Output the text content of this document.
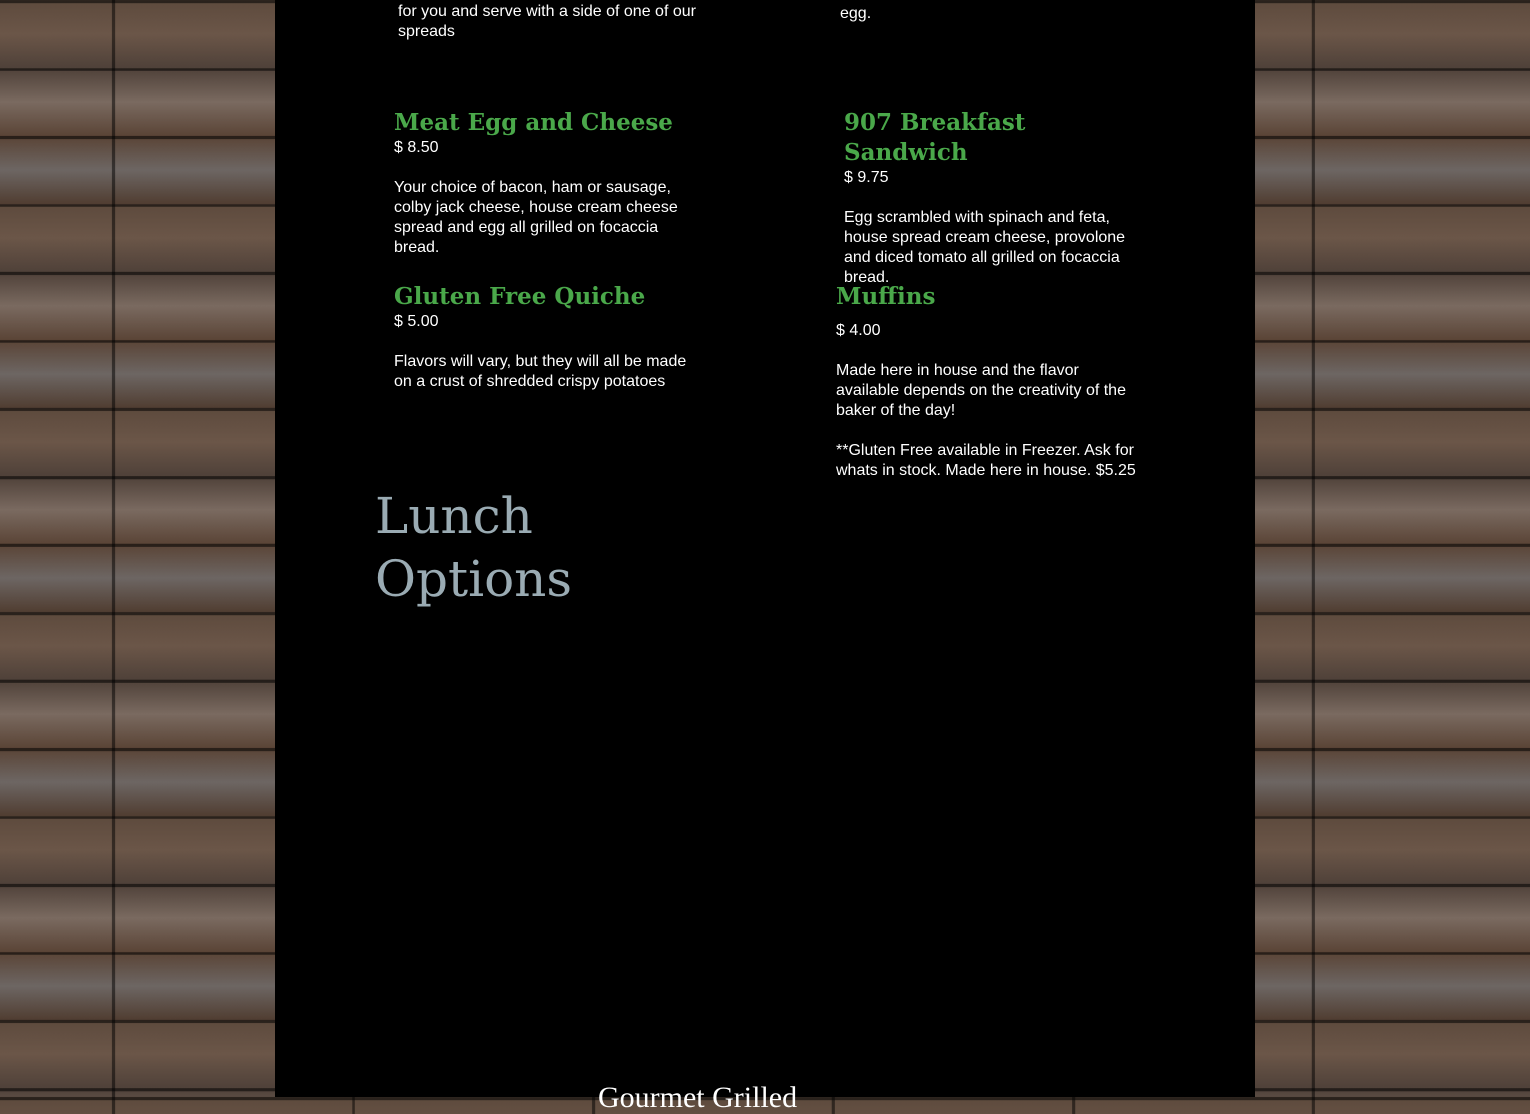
for you and serve with a side of one of our spreads
egg.
Meat Egg and Cheese

$ 8.50

Your choice of bacon, ham or sausage, colby jack cheese, house cream cheese spread and egg all grilled on focaccia bread.

907 Breakfast Sandwich

$ 9.75

Egg scrambled with spinach and feta, house spread cream cheese, provolone and diced tomato all grilled on focaccia bread.

Gluten Free Quiche

$ 5.00

Flavors will vary, but they will all be made on a crust of shredded crispy potatoes

Muffins

$ 4.00

Made here in house and the flavor available depends on the creativity of the baker of the day!

**Gluten Free available in Freezer. Ask for whats in stock. Made here in house. $5.25

Lunch
Options
Gourmet Grilled
